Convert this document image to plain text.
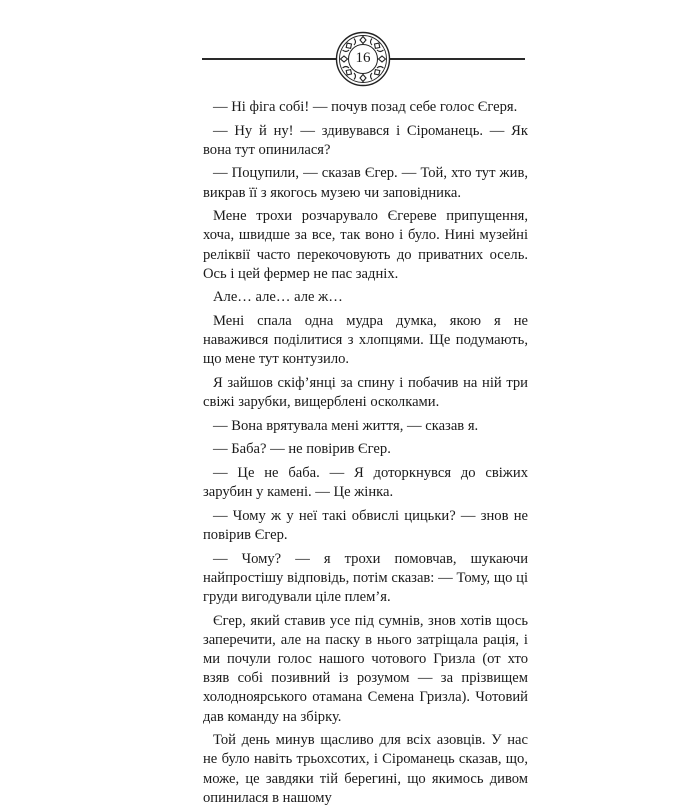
16

— Ні фіга собі! — почув позад себе голос Єгеря.

— Ну й ну! — здивувався і Сіроманець. — Як вона тут опинилася?

— Поцупили, — сказав Єгер. — Той, хто тут жив, викрав її з якогось музею чи заповідника.

Мене трохи розчарувало Єгереве припущення, хоча, швидше за все, так воно і було. Нині музейні реліквії часто перекочовують до приватних осель. Ось і цей фермер не пас задніх.

Але… але… але ж…

Мені спала одна мудра думка, якою я не наважився поділитися з хлопцями. Ще подумають, що мене тут контузило.

Я зайшов скіф’янці за спину і побачив на ній три свіжі зарубки, вищерблені осколками.

— Вона врятувала мені життя, — сказав я.

— Баба? — не повірив Єгер.

— Це не баба. — Я доторкнувся до свіжих зарубин у камені. — Це жінка.

— Чому ж у неї такі обвислі цицьки? — знов не повірив Єгер.

— Чому? — я трохи помовчав, шукаючи найпростішу відповідь, потім сказав: — Тому, що ці груди вигодували ціле плем’я.

Єгер, який ставив усе під сумнів, знов хотів щось заперечити, але на паску в нього затріщала рація, і ми почули голос нашого чотового Гризла (от хто взяв собі позивний із розумом — за прізвищем холодноярського отамана Семена Гризла). Чотовий дав команду на збірку.

Той день минув щасливо для всіх азовців. У нас не було навіть трьохсотих, і Сіроманець сказав, що, може, це завдяки тій берегині, що якимось дивом опинилася в нашому
